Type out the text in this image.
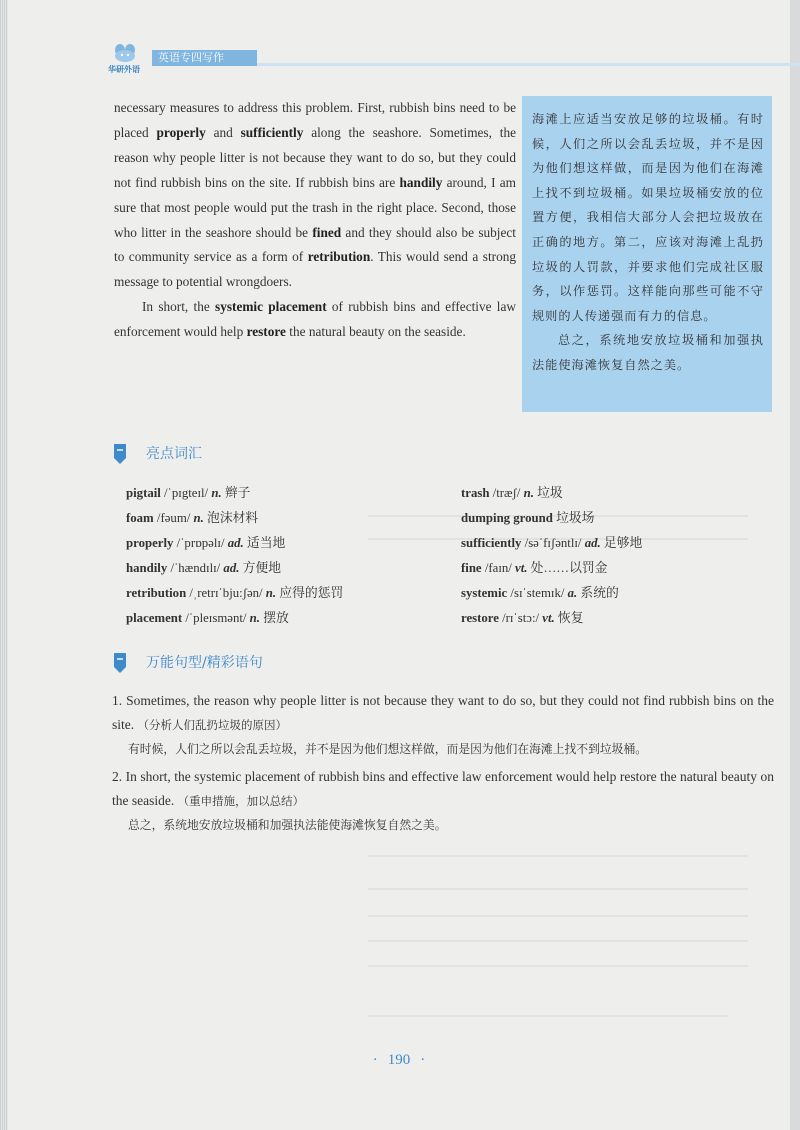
华研外语
英语专四写作

necessary measures to address this problem. First, rubbish bins need to be placed properly and sufficiently along the seashore. Sometimes, the reason why people litter is not because they want to do so, but they could not find rubbish bins on the site. If rubbish bins are handily around, I am sure that most people would put the trash in the right place. Second, those who litter in the seashore should be fined and they should also be subject to community service as a form of retribution. This would send a strong message to potential wrongdoers.

In short, the systemic placement of rubbish bins and effective law enforcement would help restore the natural beauty on the seaside.

海滩上应适当安放足够的垃圾桶。有时候，人们之所以会乱丢垃圾，并不是因为他们想这样做，而是因为他们在海滩上找不到垃圾桶。如果垃圾桶安放的位置方便，我相信大部分人会把垃圾放在正确的地方。第二，应该对海滩上乱扔垃圾的人罚款，并要求他们完成社区服务，以作惩罚。这样能向那些可能不守规则的人传递强而有力的信息。

总之，系统地安放垃圾桶和加强执法能使海滩恢复自然之美。

亮点词汇
pigtail /ˈpɪgteɪl/ n. 辫子
foam /fəum/ n. 泡沫材料
properly /ˈprɒpəlɪ/ ad. 适当地
handily /ˈhændɪlɪ/ ad. 方便地
retribution /ˌretrɪˈbju:ʃən/ n. 应得的惩罚
placement /ˈpleɪsmənt/ n. 摆放
trash /træʃ/ n. 垃圾
dumping ground 垃圾场
sufficiently /səˈfɪʃəntlɪ/ ad. 足够地
fine /faɪn/ vt. 处……以罚金
systemic /sɪˈstemɪk/ a. 系统的
restore /rɪˈstɔ:/ vt. 恢复
万能句型/精彩语句
1. Sometimes, the reason why people litter is not because they want to do so, but they could not find rubbish bins on the site. （分析人们乱扔垃圾的原因）
有时候，人们之所以会乱丢垃圾，并不是因为他们想这样做，而是因为他们在海滩上找不到垃圾桶。
2. In short, the systemic placement of rubbish bins and effective law enforcement would help restore the natural beauty on the seaside. （重申措施，加以总结）
总之，系统地安放垃圾桶和加强执法能使海滩恢复自然之美。
· 190 ·
